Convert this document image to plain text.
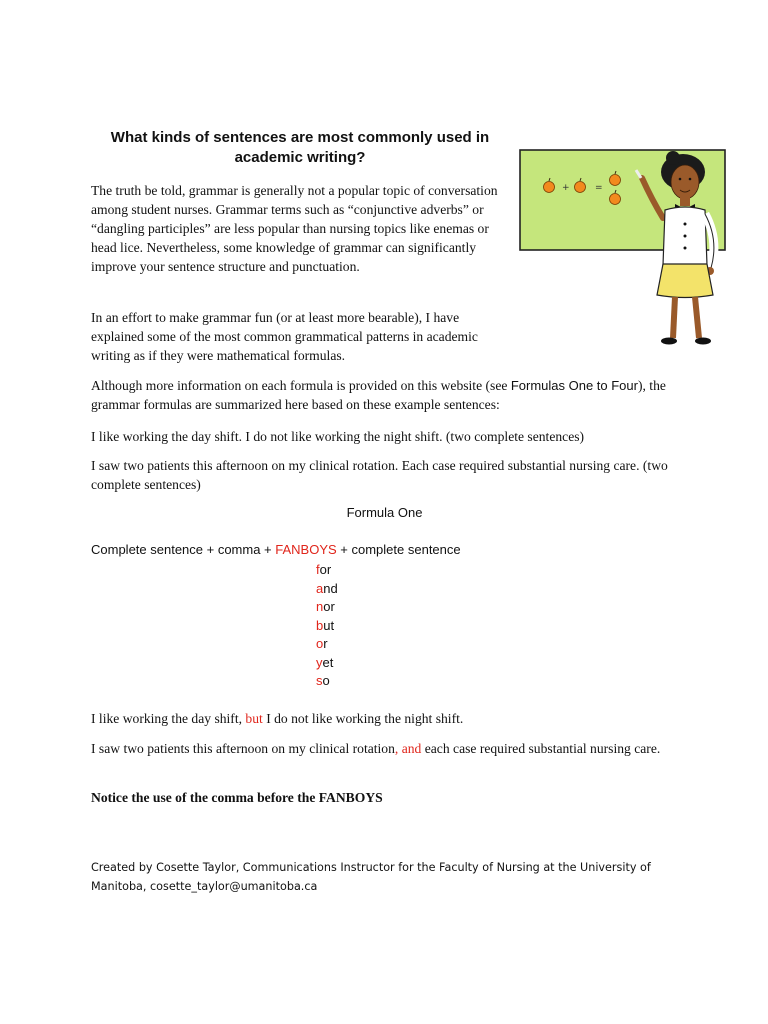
What kinds of sentences are most commonly used in academic writing?

The truth be told, grammar is generally not a popular topic of conversation among student nurses. Grammar terms such as “conjunctive adverbs” or “dangling participles” are less popular than nursing topics like enemas or head lice. Nevertheless, some knowledge of grammar can significantly improve your sentence structure and punctuation.

In an effort to make grammar fun (or at least more bearable), I have explained some of the most common grammatical patterns in academic writing as if they were mathematical formulas.

Although more information on each formula is provided on this website (see Formulas One to Four), the grammar formulas are summarized here based on these example sentences:

I like working the day shift. I do not like working the night shift. (two complete sentences)

I saw two patients this afternoon on my clinical rotation. Each case required substantial nursing care. (two complete sentences)

Formula One
Complete sentence + comma + FANBOYS + complete sentence
for
and
nor
but
or
yet
so

I like working the day shift, but I do not like working the night shift.

I saw two patients this afternoon on my clinical rotation, and each case required substantial nursing care.

Notice the use of the comma before the FANBOYS
Created by Cosette Taylor, Communications Instructor for the Faculty of Nursing at the University of Manitoba, cosette_taylor@umanitoba.ca
+	=
